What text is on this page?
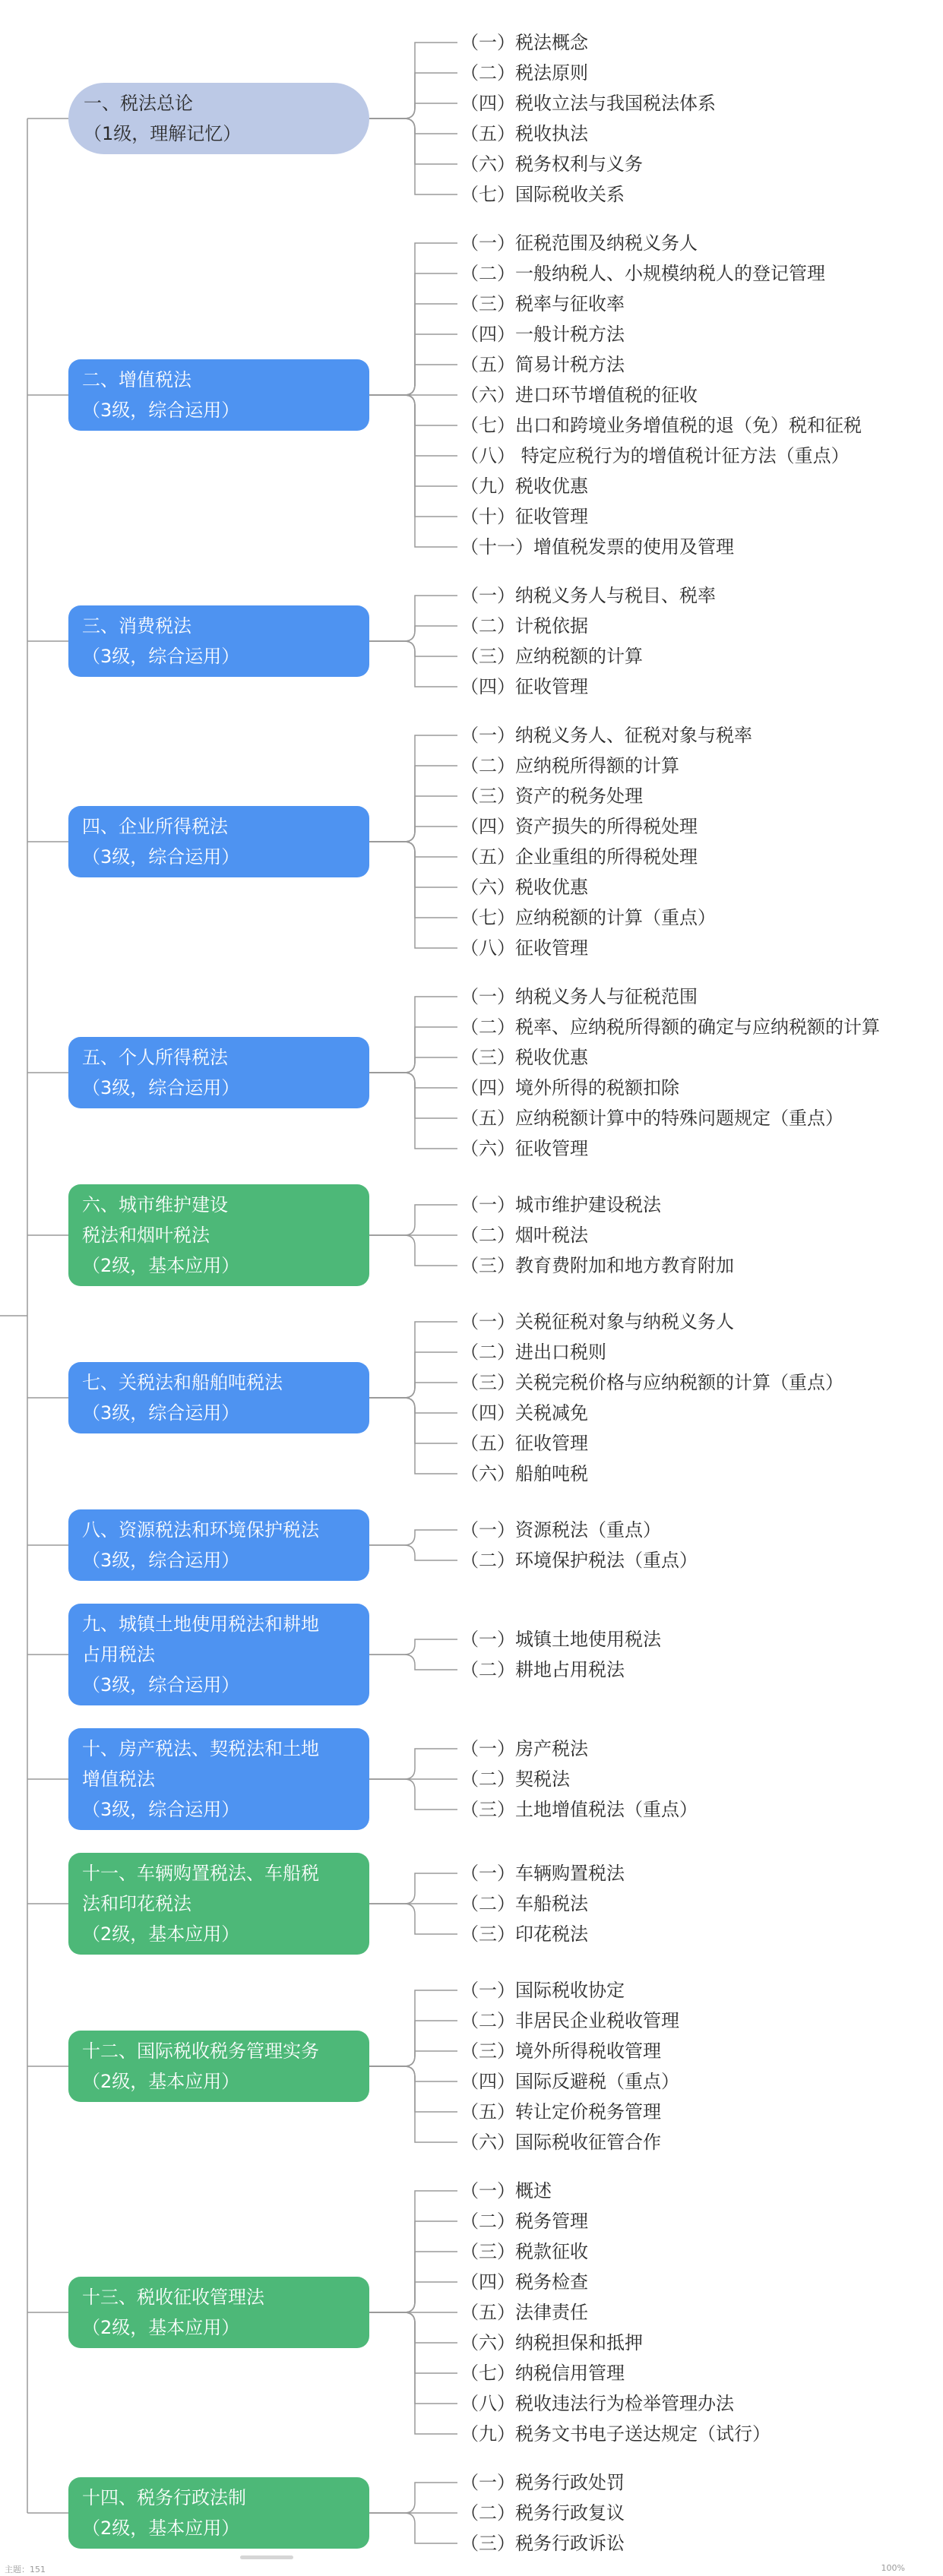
一、税法总论
（1级，理解记忆）
（一）税法概念
（二）税法原则
（四）税收立法与我国税法体系
（五）税收执法
（六）税务权利与义务
（七）国际税收关系
二、增值税法
（3级，综合运用）
（一）征税范围及纳税义务人
（二）一般纳税人、小规模纳税人的登记管理
（三）税率与征收率
（四）一般计税方法
（五）简易计税方法
（六）进口环节增值税的征收
（七）出口和跨境业务增值税的退（免）税和征税
（八） 特定应税行为的增值税计征方法（重点）
（九）税收优惠
（十）征收管理
（十一）增值税发票的使用及管理
三、消费税法
（3级，综合运用）
（一）纳税义务人与税目、税率
（二）计税依据
（三）应纳税额的计算
（四）征收管理
四、企业所得税法
（3级，综合运用）
（一）纳税义务人、征税对象与税率
（二）应纳税所得额的计算
（三）资产的税务处理
（四）资产损失的所得税处理
（五）企业重组的所得税处理
（六）税收优惠
（七）应纳税额的计算（重点）
（八）征收管理
五、个人所得税法
（3级，综合运用）
（一）纳税义务人与征税范围
（二）税率、应纳税所得额的确定与应纳税额的计算
（三）税收优惠
（四）境外所得的税额扣除
（五）应纳税额计算中的特殊问题规定（重点）
（六）征收管理
六、城市维护建设
税法和烟叶税法
（2级，基本应用）
（一）城市维护建设税法
（二）烟叶税法
（三）教育费附加和地方教育附加
七、关税法和船舶吨税法
（3级，综合运用）
（一）关税征税对象与纳税义务人
（二）进出口税则
（三）关税完税价格与应纳税额的计算（重点）
（四）关税减免
（五）征收管理
（六）船舶吨税
八、资源税法和环境保护税法
（3级，综合运用）
（一）资源税法（重点）
（二）环境保护税法（重点）
九、城镇土地使用税法和耕地
占用税法
（3级，综合运用）
（一）城镇土地使用税法
（二）耕地占用税法
十、房产税法、契税法和土地
增值税法
（3级，综合运用）
（一）房产税法
（二）契税法
（三）土地增值税法（重点）
十一、车辆购置税法、车船税
法和印花税法
（2级，基本应用）
（一）车辆购置税法
（二）车船税法
（三）印花税法
十二、国际税收税务管理实务
（2级，基本应用）
（一）国际税收协定
（二）非居民企业税收管理
（三）境外所得税收管理
（四）国际反避税（重点）
（五）转让定价税务管理
（六）国际税收征管合作
十三、税收征收管理法
（2级，基本应用）
（一）概述
（二）税务管理
（三）税款征收
（四）税务检查
（五）法律责任
（六）纳税担保和抵押
（七）纳税信用管理
（八）税收违法行为检举管理办法
（九）税务文书电子送达规定（试行）
十四、税务行政法制
（2级，基本应用）
（一）税务行政处罚
（二）税务行政复议
（三）税务行政诉讼
主题：151	100%
